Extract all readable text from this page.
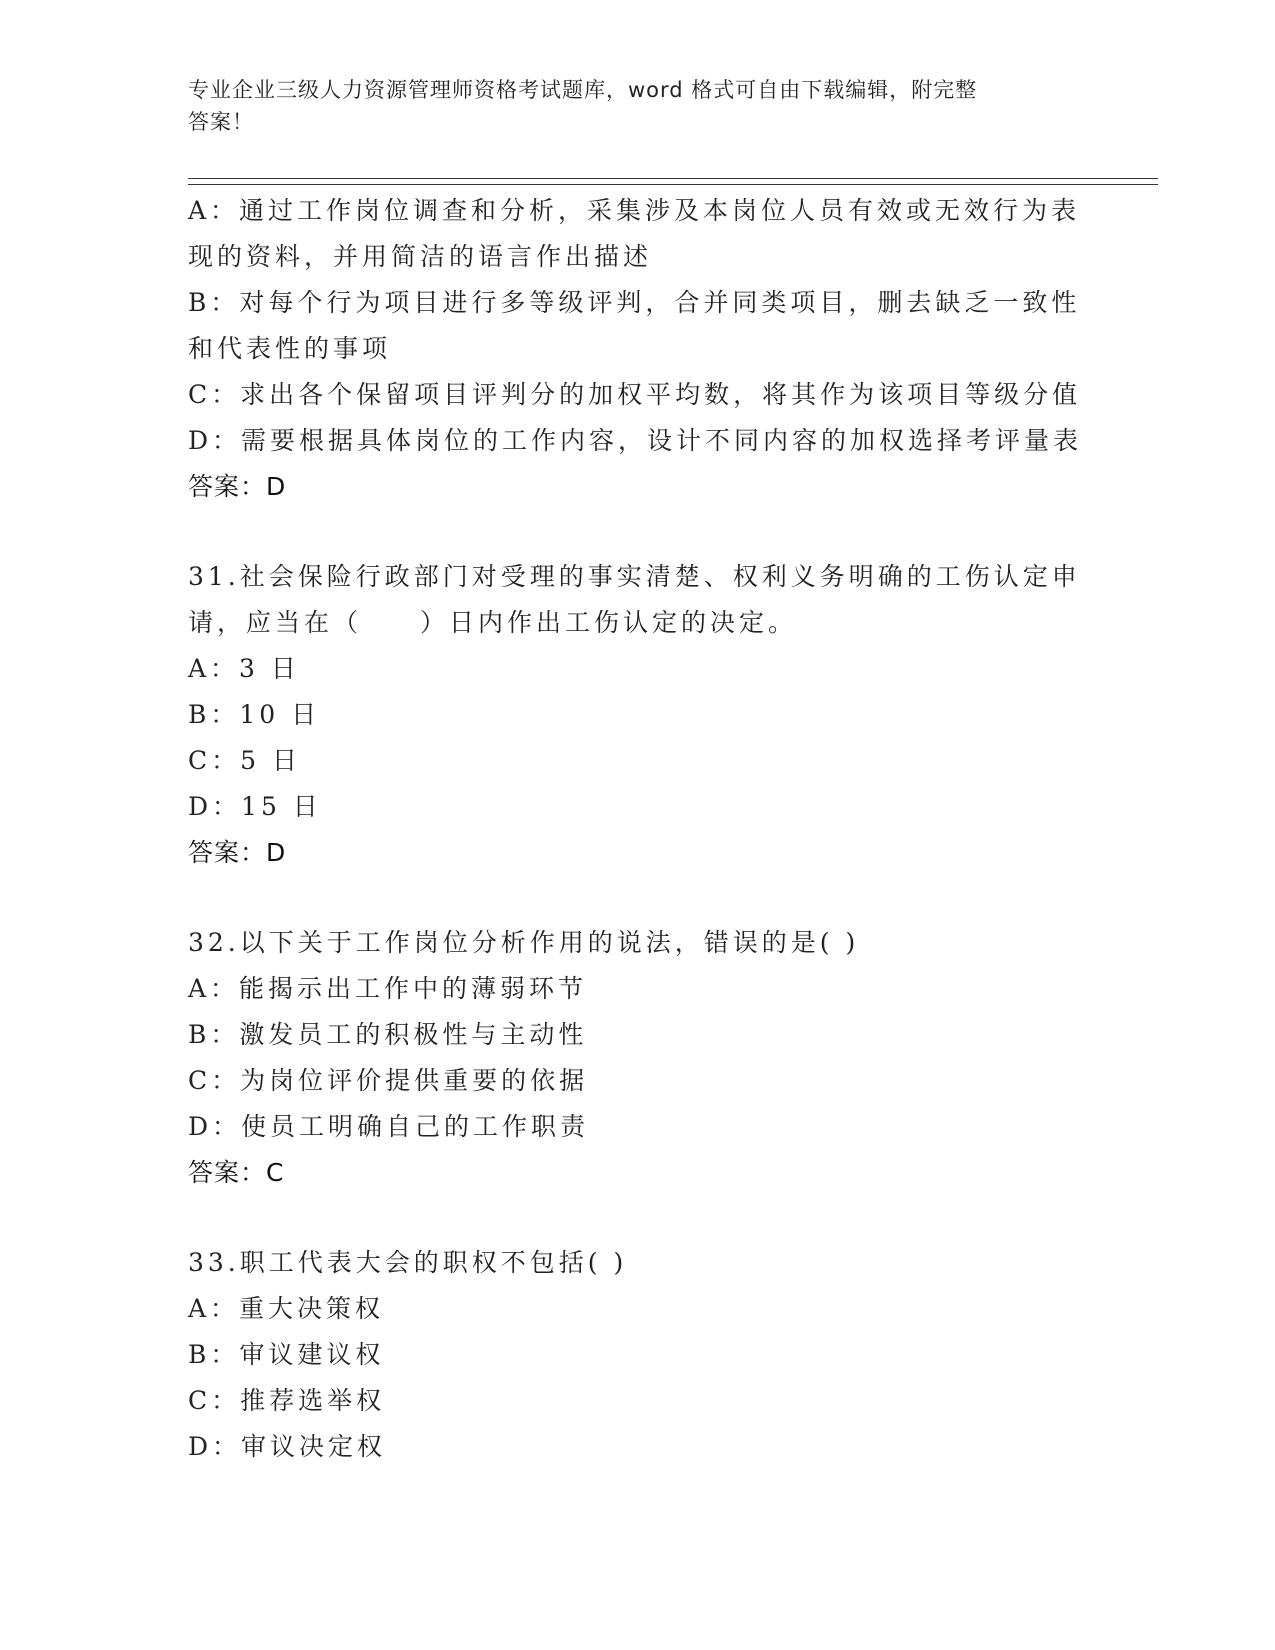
专业企业三级人力资源管理师资格考试题库，word 格式可自由下载编辑，附完整
答案！

A：通过工作岗位调查和分析，采集涉及本岗位人员有效或无效行为表

现的资料，并用简洁的语言作出描述

B：对每个行为项目进行多等级评判，合并同类项目，删去缺乏一致性

和代表性的事项

C：求出各个保留项目评判分的加权平均数，将其作为该项目等级分值

D：需要根据具体岗位的工作内容，设计不同内容的加权选择考评量表

答案：D

31.社会保险行政部门对受理的事实清楚、权利义务明确的工伤认定申

请，应当在（　　）日内作出工伤认定的决定。

A：3 日

B：10 日

C：5 日

D：15 日

答案：D

32.以下关于工作岗位分析作用的说法，错误的是( )

A：能揭示出工作中的薄弱环节

B：激发员工的积极性与主动性

C：为岗位评价提供重要的依据

D：使员工明确自己的工作职责

答案：C

33.职工代表大会的职权不包括( )

A：重大决策权

B：审议建议权

C：推荐选举权

D：审议决定权
